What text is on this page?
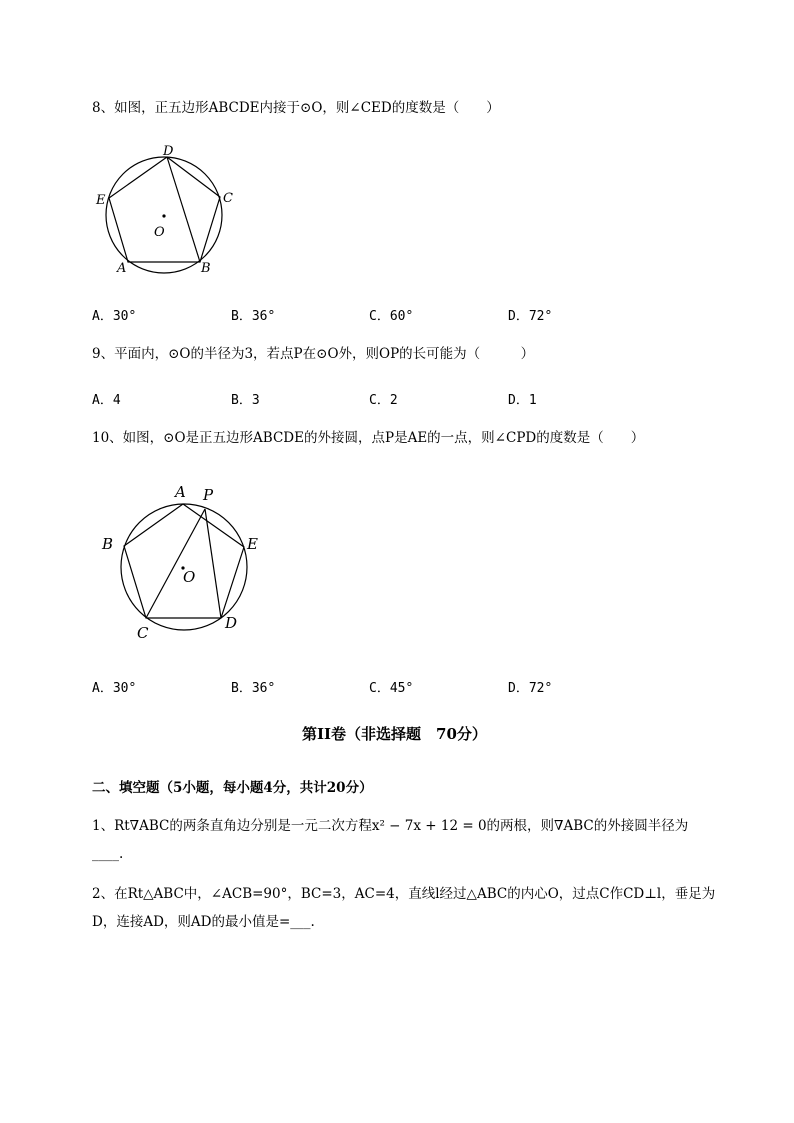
8、如图，正五边形ABCDE内接于⊙O，则∠CED的度数是（　　）
D
C
E
O
A	B
A．30°	B．36°	C．60°	D．72°
9、平面内，⊙O的半径为3，若点P在⊙O外，则OP的长可能为（　　　）
A．4	B．3	C．2	D．1
10、如图，⊙O是正五边形ABCDE的外接圆，点P是AE的一点，则∠CPD的度数是（　　）
A P
B	E
O
C
D
A．30°	B．36°	C．45°	D．72°
第II卷（非选择题　70分）
二、填空题（5小题，每小题4分，共计20分）
1、Rt∇ABC的两条直角边分别是一元二次方程x² − 7x + 12 = 0的两根，则∇ABC的外接圆半径为
____.
2、在Rt△ABC中，∠ACB=90°，BC=3，AC=4，直线l经过△ABC的内心O，过点C作CD⊥l，垂足为
D，连接AD，则AD的最小值是=___.
